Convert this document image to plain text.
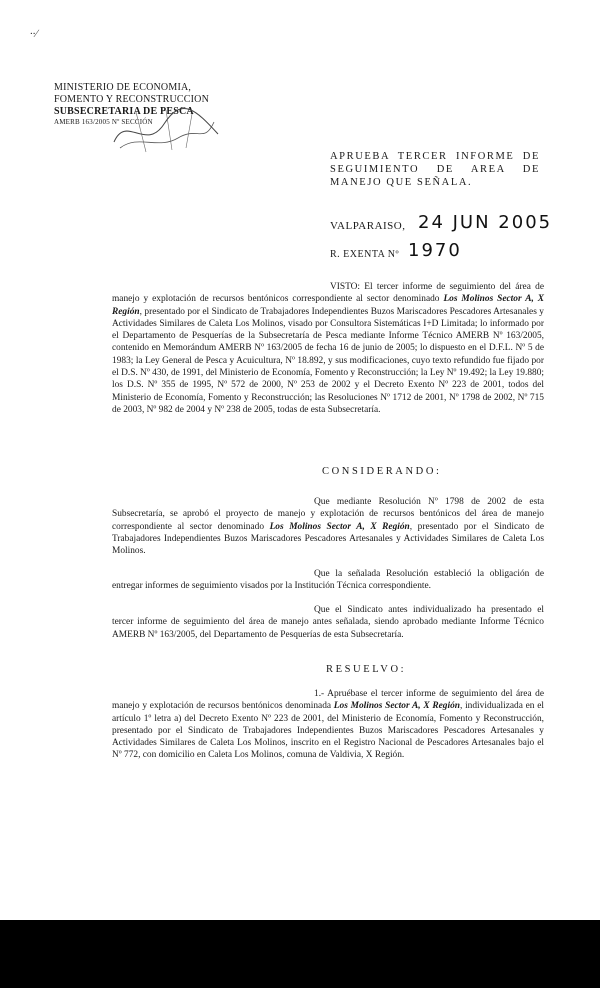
∙∙∕
MINISTERIO DE ECONOMIA,
FOMENTO Y RECONSTRUCCION
SUBSECRETARIA DE PESCA
AMERB 163/2005 Nº SECCIÓN
APRUEBA TERCER INFORME DE SEGUIMIENTO DE AREA DE MANEJO QUE SEÑALA.
VALPARAISO, 24 JUN 2005
R. EXENTA Nº 1970
VISTO: El tercer informe de seguimiento del área de manejo y explotación de recursos bentónicos correspondiente al sector denominado Los Molinos Sector A, X Región, presentado por el Sindicato de Trabajadores Independientes Buzos Mariscadores Pescadores Artesanales y Actividades Similares de Caleta Los Molinos, visado por Consultora Sistemáticas I+D Limitada; lo informado por el Departamento de Pesquerías de la Subsecretaría de Pesca mediante Informe Técnico AMERB Nº 163/2005, contenido en Memorándum AMERB Nº 163/2005 de fecha 16 de junio de 2005; lo dispuesto en el D.F.L. Nº 5 de 1983; la Ley General de Pesca y Acuicultura, Nº 18.892, y sus modificaciones, cuyo texto refundido fue fijado por el D.S. Nº 430, de 1991, del Ministerio de Economía, Fomento y Reconstrucción; la Ley Nº 19.492; la Ley 19.880; los D.S. Nº 355 de 1995, Nº 572 de 2000, Nº 253 de 2002 y el Decreto Exento Nº 223 de 2001, todos del Ministerio de Economía, Fomento y Reconstrucción; las Resoluciones Nº 1712 de 2001, Nº 1798 de 2002, Nº 715 de 2003, Nº 982 de 2004 y Nº 238 de 2005, todas de esta Subsecretaría.
CONSIDERANDO:
Que mediante Resolución Nº 1798 de 2002 de esta Subsecretaría, se aprobó el proyecto de manejo y explotación de recursos bentónicos del área de manejo correspondiente al sector denominado Los Molinos Sector A, X Región, presentado por el Sindicato de Trabajadores Independientes Buzos Mariscadores Pescadores Artesanales y Actividades Similares de Caleta Los Molinos.
Que la señalada Resolución estableció la obligación de entregar informes de seguimiento visados por la Institución Técnica correspondiente.
Que el Sindicato antes individualizado ha presentado el tercer informe de seguimiento del área de manejo antes señalada, siendo aprobado mediante Informe Técnico AMERB Nº 163/2005, del Departamento de Pesquerías de esta Subsecretaría.
RESUELVO:
1.- Apruébase el tercer informe de seguimiento del área de manejo y explotación de recursos bentónicos denominada Los Molinos Sector A, X Región, individualizada en el artículo 1º letra a) del Decreto Exento Nº 223 de 2001, del Ministerio de Economía, Fomento y Reconstrucción, presentado por el Sindicato de Trabajadores Independientes Buzos Mariscadores Pescadores Artesanales y Actividades Similares de Caleta Los Molinos, inscrito en el Registro Nacional de Pescadores Artesanales bajo el Nº 772, con domicilio en Caleta Los Molinos, comuna de Valdivia, X Región.
